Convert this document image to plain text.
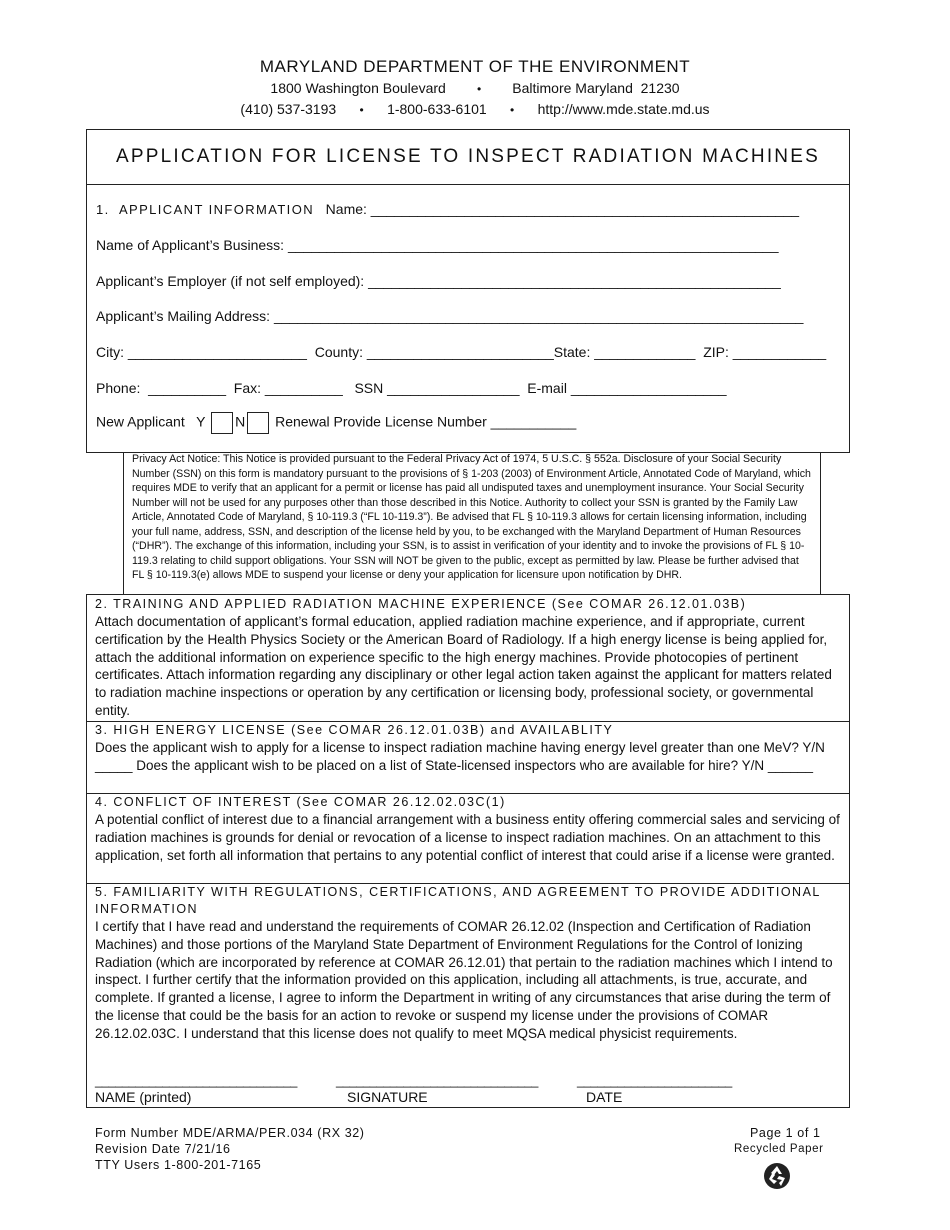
MARYLAND DEPARTMENT OF THE ENVIRONMENT
1800 Washington Boulevard	• Baltimore Maryland  21230
(410) 537-3193 • 1-800-633-6101 • http://www.mde.state.md.us
APPLICATION FOR LICENSE TO INSPECT RADIATION MACHINES
1.  APPLICANT INFORMATION   Name: _______________________________________________________
Name of Applicant’s Business: _______________________________________________________________
Applicant’s Employer (if not self employed): _____________________________________________________
Applicant’s Mailing Address: ____________________________________________________________________
City: _______________________  County: ________________________State: _____________  ZIP: ____________
Phone:  __________  Fax: __________   SSN _________________  E-mail ____________________
New Applicant   Y N Renewal Provide License Number ___________
Privacy Act Notice: This Notice is provided pursuant to the Federal Privacy Act of 1974, 5 U.S.C. § 552a. Disclosure of your Social Security Number (SSN) on this form is mandatory pursuant to the provisions of § 1-203 (2003) of Environment Article, Annotated Code of Maryland, which requires MDE to verify that an applicant for a permit or license has paid all undisputed taxes and unemployment insurance. Your Social Security Number will not be used for any purposes other than those described in this Notice. Authority to collect your SSN is granted by the Family Law Article, Annotated Code of Maryland, § 10-119.3 (“FL 10-119.3”). Be advised that FL § 10-119.3 allows for certain licensing information, including your full name, address, SSN, and description of the license held by you, to be exchanged with the Maryland Department of Human Resources (“DHR”). The exchange of this information, including your SSN, is to assist in verification of your identity and to invoke the provisions of FL § 10-119.3 relating to child support obligations. Your SSN will NOT be given to the public, except as permitted by law. Please be further advised that FL § 10-119.3(e) allows MDE to suspend your license or deny your application for licensure upon notification by DHR.
2. TRAINING AND APPLIED RADIATION MACHINE EXPERIENCE (See COMAR 26.12.01.03B)
Attach documentation of applicant’s formal education, applied radiation machine experience, and if appropriate, current certification by the Health Physics Society or the American Board of Radiology. If a high energy license is being applied for, attach the additional information on experience specific to the high energy machines. Provide photocopies of pertinent certificates. Attach information regarding any disciplinary or other legal action taken against the applicant for matters related to radiation machine inspections or operation by any certification or licensing body, professional society, or governmental entity.
3. HIGH ENERGY LICENSE (See COMAR 26.12.01.03B) and AVAILABLITY
Does the applicant wish to apply for a license to inspect radiation machine having energy level greater than one MeV? Y/N _____ Does the applicant wish to be placed on a list of State-licensed inspectors who are available for hire? Y/N ______
4. CONFLICT OF INTEREST (See COMAR 26.12.02.03C(1)
A potential conflict of interest due to a financial arrangement with a business entity offering commercial sales and servicing of radiation machines is grounds for denial or revocation of a license to inspect radiation machines. On an attachment to this application, set forth all information that pertains to any potential conflict of interest that could arise if a license were granted.
5. FAMILIARITY WITH REGULATIONS, CERTIFICATIONS, AND AGREEMENT TO PROVIDE ADDITIONAL INFORMATION
I certify that I have read and understand the requirements of COMAR 26.12.02 (Inspection and Certification of Radiation Machines) and those portions of the Maryland State Department of Environment Regulations for the Control of Ionizing Radiation (which are incorporated by reference at COMAR 26.12.01) that pertain to the radiation machines which I intend to inspect. I further certify that the information provided on this application, including all attachments, is true, accurate, and complete. If granted a license, I agree to inform the Department in writing of any circumstances that arise during the term of the license that could be the basis for an action to revoke or suspend my license under the provisions of COMAR 26.12.02.03C. I understand that this license does not qualify to meet MQSA medical physicist requirements.
______________________________	______________________________	_______________________
NAME (printed)	SIGNATURE	DATE
Form Number MDE/ARMA/PER.034 (RX 32)
Revision Date 7/21/16
TTY Users 1-800-201-7165
Page 1 of 1
Recycled Paper
